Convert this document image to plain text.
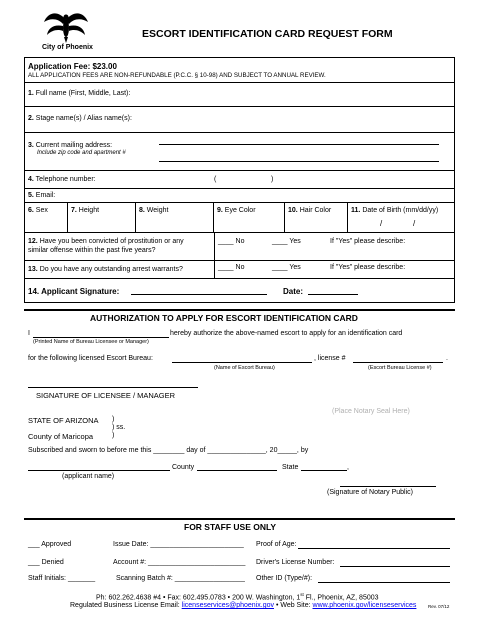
City of Phoenix
ESCORT IDENTIFICATION CARD REQUEST FORM
Application Fee: $23.00
ALL APPLICATION FEES ARE NON-REFUNDABLE (P.C.C. § 10-98) AND SUBJECT TO ANNUAL REVIEW.
1. Full name (First, Middle, Last):
2. Stage name(s) / Alias name(s):
3. Current mailing address:
Include zip code and apartment #
4. Telephone number:	(	)
5. Email:
6. Sex	7. Height	8. Weight	9. Eye Color	10. Hair Color	11. Date of Birth (mm/dd/yy)
/	/
12. Have you been convicted of prostitution or any
similar offense within the past five years?
____ No	____ Yes	If "Yes" please describe:
13. Do you have any outstanding arrest warrants?	____ No	____ Yes	If "Yes" please describe:
14. Applicant Signature:	Date:
AUTHORIZATION TO APPLY FOR ESCORT IDENTIFICATION CARD
I	hereby authorize the above-named escort to apply for an identification card
(Printed Name of Bureau Licensee or Manager)
for the following licensed Escort Bureau:	, license #	.
(Name of Escort Bureau)	(Escort Bureau License #)
SIGNATURE OF LICENSEE / MANAGER
(Place Notary Seal Here)
STATE OF ARIZONA )
) ss.
County of Maricopa	)
Subscribed and sworn to before me this ________ day of _______________, 20_____, by
County	State	,
(applicant name)
(Signature of Notary Public)
FOR STAFF USE ONLY
___ Approved	Issue Date: ________________________ Proof of Age:
___ Denied	Account #: _________________________ Driver's License Number:
Staff Initials: _______	Scanning Batch #: __________________ Other ID (Type/#):
Ph: 602.262.4638 #4 • Fax: 602.495.0783 • 200 W. Washington, 1st Fl., Phoenix, AZ, 85003
Regulated Business License Email: licenseservices@phoenix.gov • Web Site: www.phoenix.gov/licenseservices	Rev. 07/12
